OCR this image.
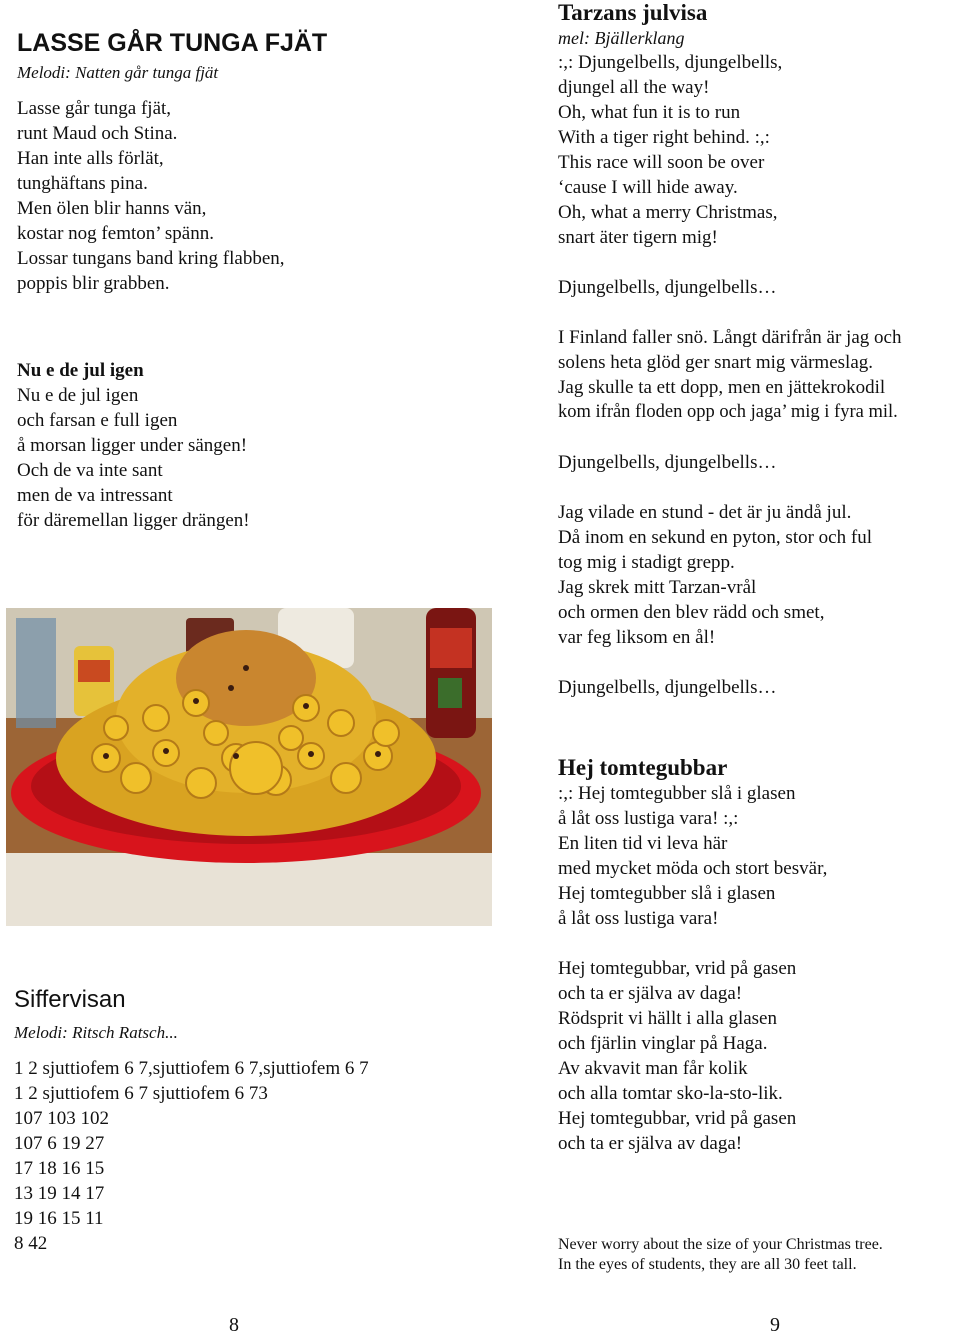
LASSE GÅR TUNGA FJÄT
Melodi: Natten går tunga fjät
Lasse går tunga fjät,
runt Maud och Stina.
Han inte alls förlät,
tunghäftans pina.
Men ölen blir hanns vän,
kostar nog femton’ spänn.
Lossar tungans band kring flabben,
poppis blir grabben.
Nu e de jul igen
Nu e de jul igen
och farsan e full igen
å morsan ligger under sängen!
Och de va inte sant
men de va intressant
för däremellan ligger drängen!
Siffervisan
Melodi: Ritsch Ratsch...
1 2 sjuttiofem 6 7,sjuttiofem 6 7,sjuttiofem 6 7
1 2 sjuttiofem 6 7 sjuttiofem 6 73
107 103 102
107 6 19 27
17 18 16 15
13 19 14 17
19 16 15 11
8 42
8
Tarzans julvisa
mel: Bjällerklang
:,: Djungelbells, djungelbells,
djungel all the way!
Oh, what fun it is to run
With a tiger right behind. :,:
This race will soon be over
‘cause I will hide away.
Oh, what a merry Christmas,
snart äter tigern mig!
Djungelbells, djungelbells…
I Finland faller snö. Långt därifrån är jag och
solens heta glöd ger snart mig värmeslag.
Jag skulle ta ett dopp, men en jättekrokodil
kom ifrån floden opp och jaga’ mig i fyra mil.
Djungelbells, djungelbells…
Jag vilade en stund - det är ju ändå jul.
Då inom en sekund en pyton, stor och ful
tog mig i stadigt grepp.
Jag skrek mitt Tarzan-vrål
och ormen den blev rädd och smet,
var feg liksom en ål!
Djungelbells, djungelbells…
Hej tomtegubbar
:,: Hej tomtegubber slå i glasen
å låt oss lustiga vara! :,:
En liten tid vi leva här
med mycket möda och stort besvär,
Hej tomtegubber slå i glasen
å låt oss lustiga vara!
Hej tomtegubbar, vrid på gasen
och ta er själva av daga!
Rödsprit vi hällt i alla glasen
och fjärlin vinglar på Haga.
Av akvavit man får kolik
och alla tomtar sko-la-sto-lik.
Hej tomtegubbar, vrid på gasen
och ta er själva av daga!
Never worry about the size of your Christmas tree.
In the eyes of students, they are all 30 feet tall.
9
